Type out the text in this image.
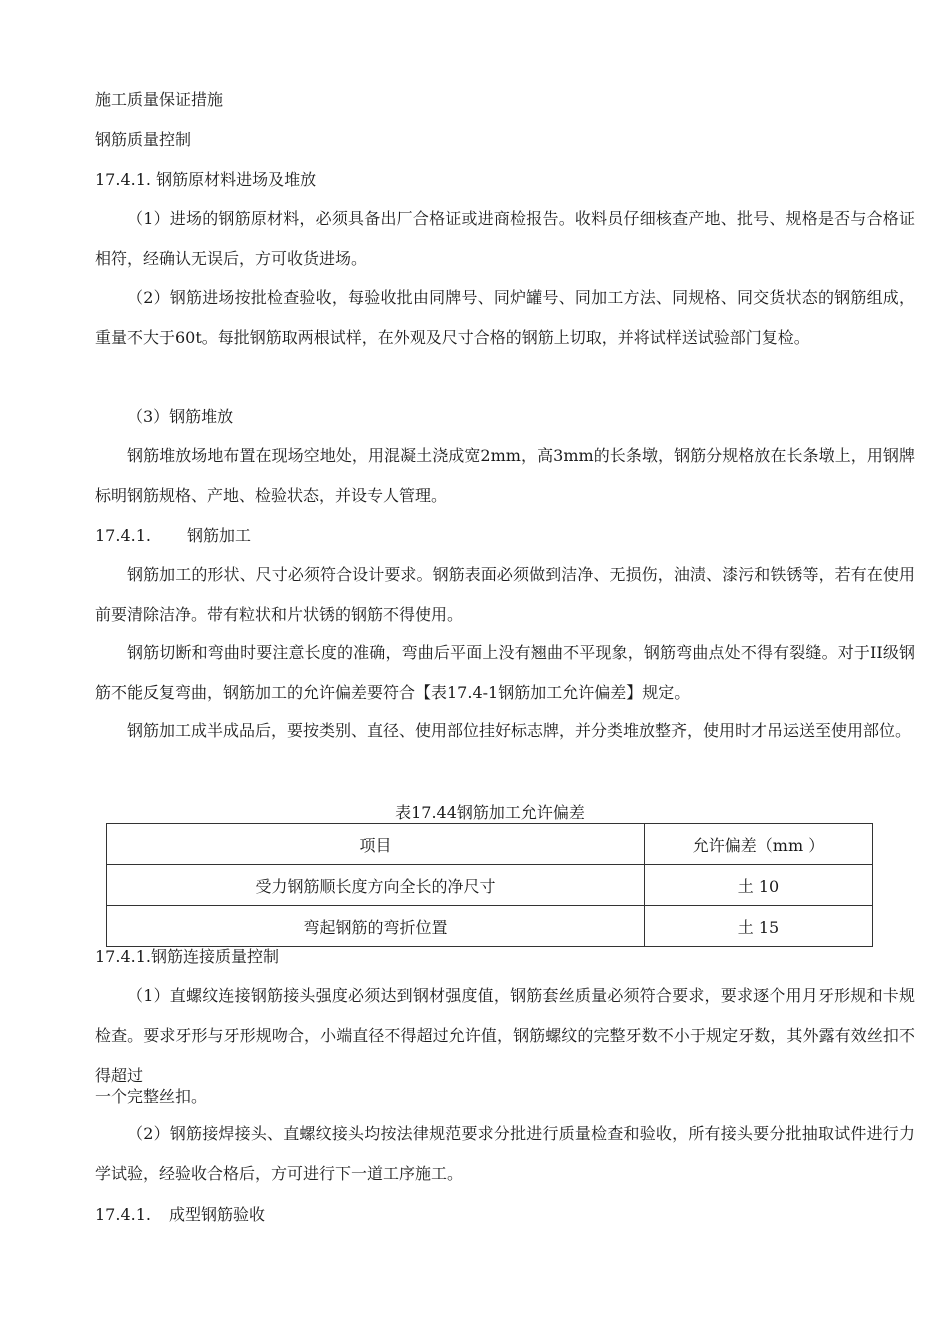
施工质量保证措施
钢筋质量控制
17.4.1. 钢筋原材料进场及堆放
（1）进场的钢筋原材料，必须具备出厂合格证或进商检报告。收料员仔细核查产地、批号、规格是否与合格证相符，经确认无误后，方可收货进场。
（2）钢筋进场按批检查验收，每验收批由同牌号、同炉罐号、同加工方法、同规格、同交货状态的钢筋组成，重量不大于60t。每批钢筋取两根试样，在外观及尺寸合格的钢筋上切取，并将试样送试验部门复检。
（3）钢筋堆放
钢筋堆放场地布置在现场空地处，用混凝土浇成宽2mm，高3mm的长条墩，钢筋分规格放在长条墩上，用钢牌标明钢筋规格、产地、检验状态，并设专人管理。
17.4.1. 钢筋加工
钢筋加工的形状、尺寸必须符合设计要求。钢筋表面必须做到洁净、无损伤，油渍、漆污和铁锈等，若有在使用前要清除洁净。带有粒状和片状锈的钢筋不得使用。
钢筋切断和弯曲时要注意长度的准确，弯曲后平面上没有翘曲不平现象，钢筋弯曲点处不得有裂缝。对于II级钢筋不能反复弯曲，钢筋加工的允许偏差要符合【表17.4-1钢筋加工允许偏差】规定。
钢筋加工成半成品后，要按类别、直径、使用部位挂好标志牌，并分类堆放整齐，使用时才吊运送至使用部位。
表17.44钢筋加工允许偏差
项目	允许偏差（mm ）
受力钢筋顺长度方向全长的净尺寸	土 10
弯起钢筋的弯折位置	土 15
17.4.1.钢筋连接质量控制
（1）直螺纹连接钢筋接头强度必须达到钢材强度值，钢筋套丝质量必须符合要求，要求逐个用月牙形规和卡规检查。要求牙形与牙形规吻合，小端直径不得超过允许值，钢筋螺纹的完整牙数不小于规定牙数，其外露有效丝扣不得超过
一个完整丝扣。
（2）钢筋接焊接头、直螺纹接头均按法律规范要求分批进行质量检查和验收，所有接头要分批抽取试件进行力学试验，经验收合格后，方可进行下一道工序施工。
17.4.1. 成型钢筋验收
